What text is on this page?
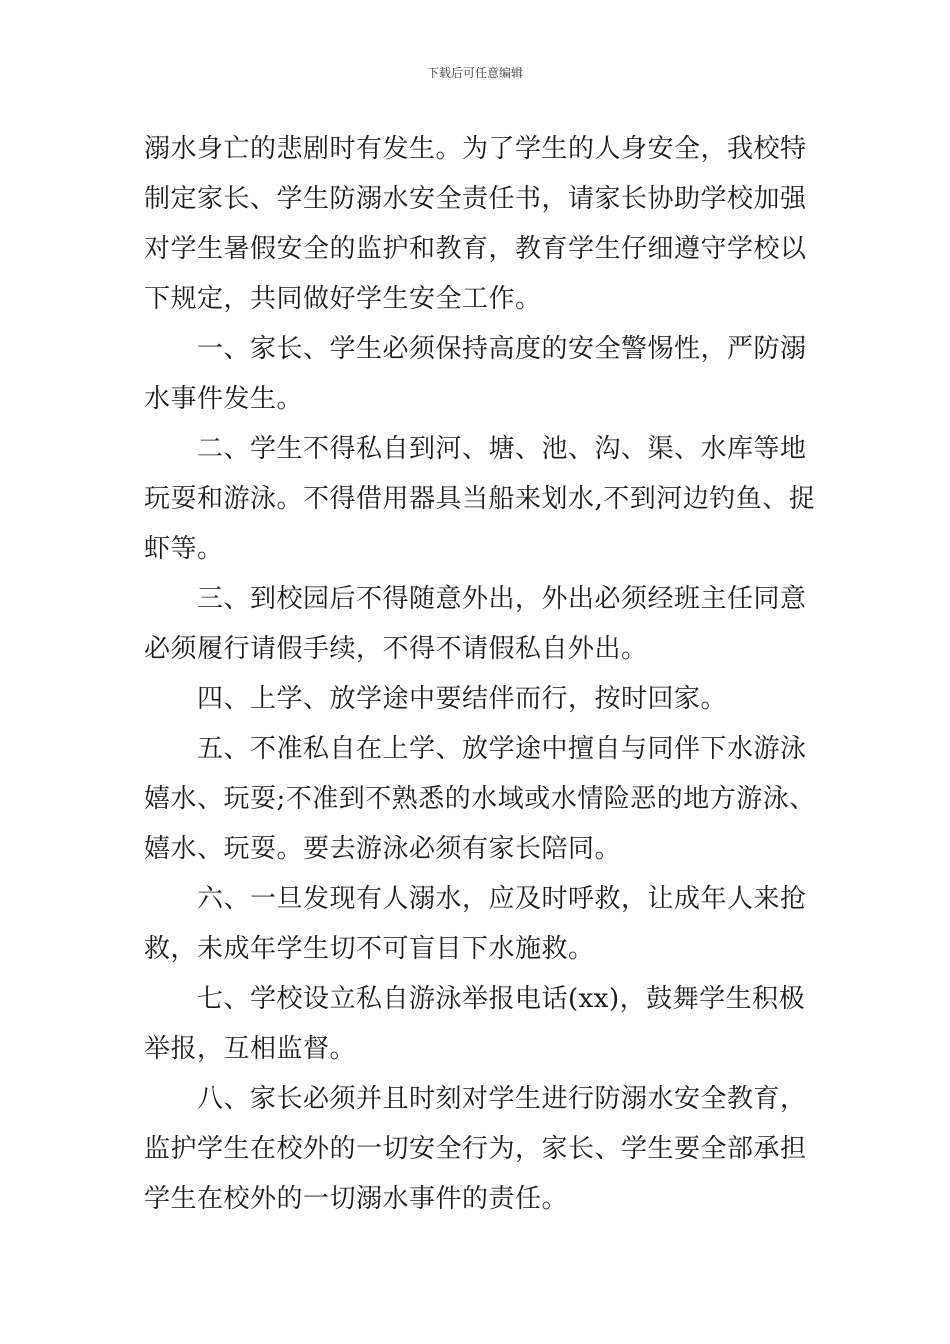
下载后可任意编辑
溺水身亡的悲剧时有发生。为了学生的人身安全，我校特
制定家长、学生防溺水安全责任书，请家长协助学校加强
对学生暑假安全的监护和教育，教育学生仔细遵守学校以
下规定，共同做好学生安全工作。
一、家长、学生必须保持高度的安全警惕性，严防溺
水事件发生。
二、学生不得私自到河、塘、池、沟、渠、水库等地
玩耍和游泳。不得借用器具当船来划水,不到河边钓鱼、捉
虾等。
三、到校园后不得随意外出，外出必须经班主任同意
必须履行请假手续，不得不请假私自外出。
四、上学、放学途中要结伴而行，按时回家。
五、不准私自在上学、放学途中擅自与同伴下水游泳
嬉水、玩耍;不准到不熟悉的水域或水情险恶的地方游泳、
嬉水、玩耍。要去游泳必须有家长陪同。
六、一旦发现有人溺水，应及时呼救，让成年人来抢
救，未成年学生切不可盲目下水施救。
七、学校设立私自游泳举报电话(xx)，鼓舞学生积极
举报，互相监督。
八、家长必须并且时刻对学生进行防溺水安全教育，
监护学生在校外的一切安全行为，家长、学生要全部承担
学生在校外的一切溺水事件的责任。
